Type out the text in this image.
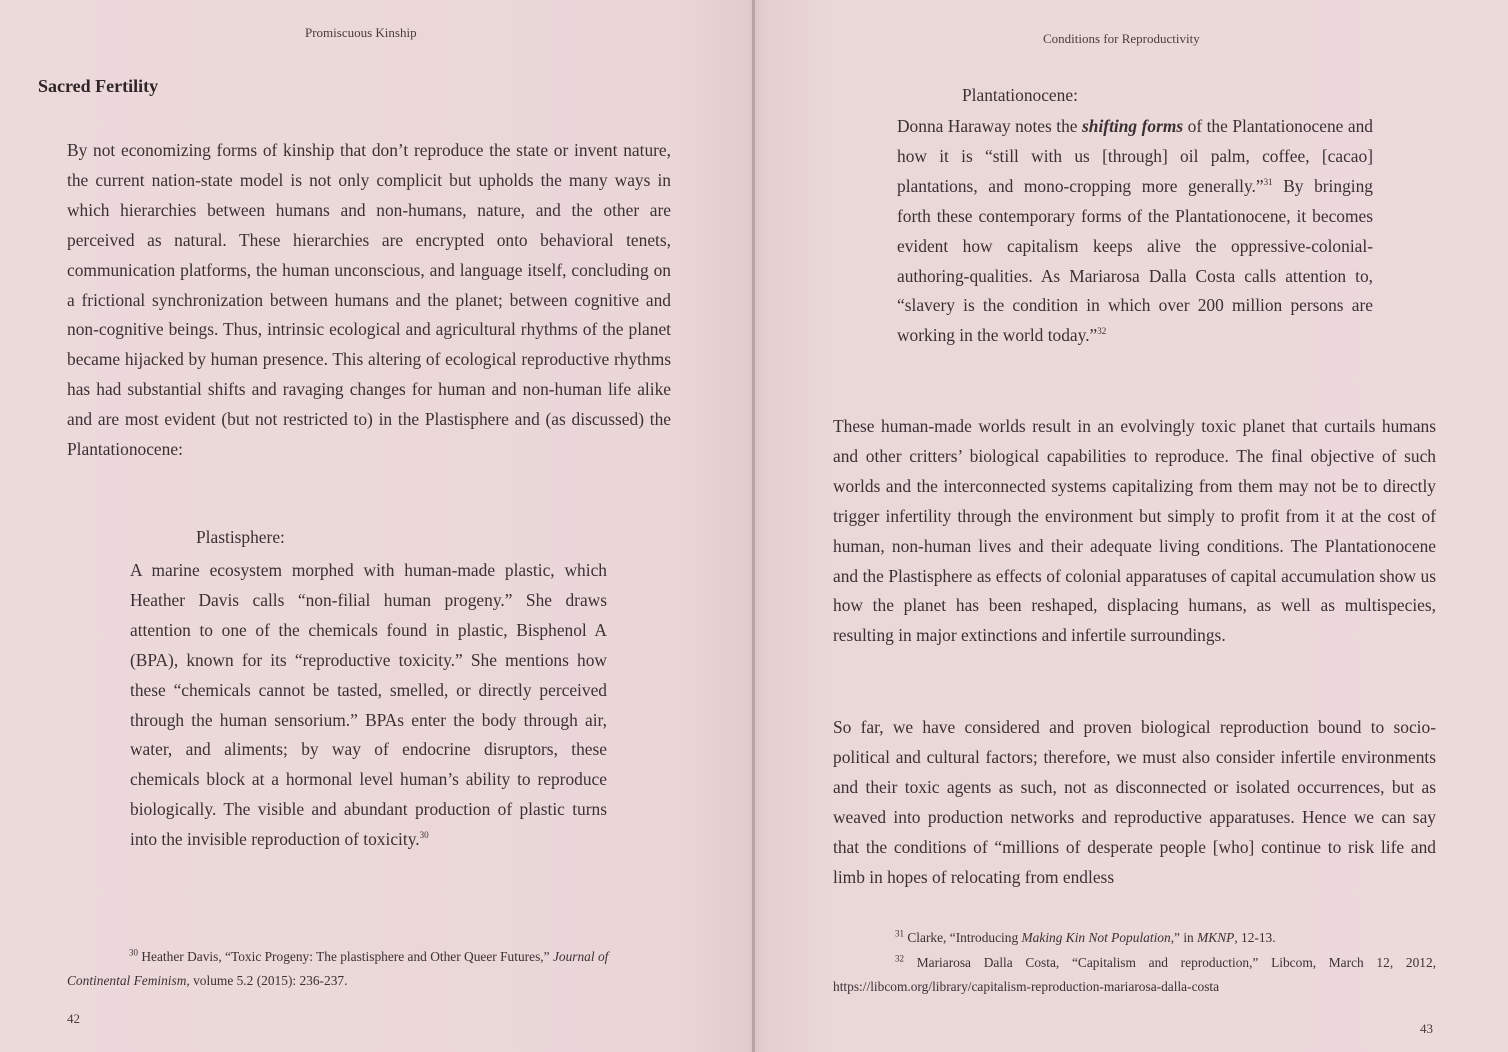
Promiscuous Kinship
Sacred Fertility

By not economizing forms of kinship that don’t reproduce the state or invent nature, the current nation-state model is not only complicit but upholds the many ways in which hierarchies between humans and non-humans, nature, and the other are perceived as natural. These hierarchies are encrypted onto behavioral tenets, communication platforms, the human unconscious, and language itself, concluding on a frictional synchronization between humans and the planet; between cognitive and non-cognitive beings. Thus, intrinsic ecological and agricultural rhythms of the planet became hijacked by human presence. This altering of ecological reproductive rhythms has had substantial shifts and ravaging changes for human and non-human life alike and are most evident (but not restricted to) in the Plastisphere and (as discussed) the Plantationocene:

Plastisphere:

A marine ecosystem morphed with human-made plastic, which Heather Davis calls “non-filial human progeny.” She draws attention to one of the chemicals found in plastic, Bisphenol A (BPA), known for its “reproductive toxicity.” She mentions how these “chemicals cannot be tasted, smelled, or directly perceived through the human sensorium.” BPAs enter the body through air, water, and aliments; by way of endocrine disruptors, these chemicals block at a hormonal level human’s ability to reproduce biologically. The visible and abundant production of plastic turns into the invisible reproduction of toxicity.$^{30}$

$^{30}$ Heather Davis, “Toxic Progeny: The plastisphere and Other Queer Futures,” Journal of Continental Feminism, volume 5.2 (2015): 236-237.

42
Conditions for Reproductivity

Plantationocene:

Donna Haraway notes the shifting forms of the Plantationocene and how it is “still with us [through] oil palm, coffee, [cacao] plantations, and mono-cropping more generally.”$^{31}$ By bringing forth these contemporary forms of the Plantationocene, it becomes evident how capitalism keeps alive the oppressive-colonial-authoring-qualities. As Mariarosa Dalla Costa calls attention to, “slavery is the condition in which over 200 million persons are working in the world today.”$^{32}$

These human-made worlds result in an evolvingly toxic planet that curtails humans and other critters’ biological capabilities to reproduce. The final objective of such worlds and the interconnected systems capitalizing from them may not be to directly trigger infertility through the environment but simply to profit from it at the cost of human, non-human lives and their adequate living conditions. The Plantationocene and the Plastisphere as effects of colonial apparatuses of capital accumulation show us how the planet has been reshaped, displacing humans, as well as multispecies, resulting in major extinctions and infertile surroundings.

So far, we have considered and proven biological reproduction bound to socio-political and cultural factors; therefore, we must also consider infertile environments and their toxic agents as such, not as disconnected or isolated occurrences, but as weaved into production networks and reproductive apparatuses. Hence we can say that the conditions of “millions of desperate people [who] continue to risk life and limb in hopes of relocating from endless

$^{31}$ Clarke, “Introducing Making Kin Not Population,” in MKNP, 12-13.

$^{32}$ Mariarosa Dalla Costa, “Capitalism and reproduction,” Libcom, March 12, 2012, https://libcom.org/library/capitalism-reproduction-mariarosa-dalla-costa

43
